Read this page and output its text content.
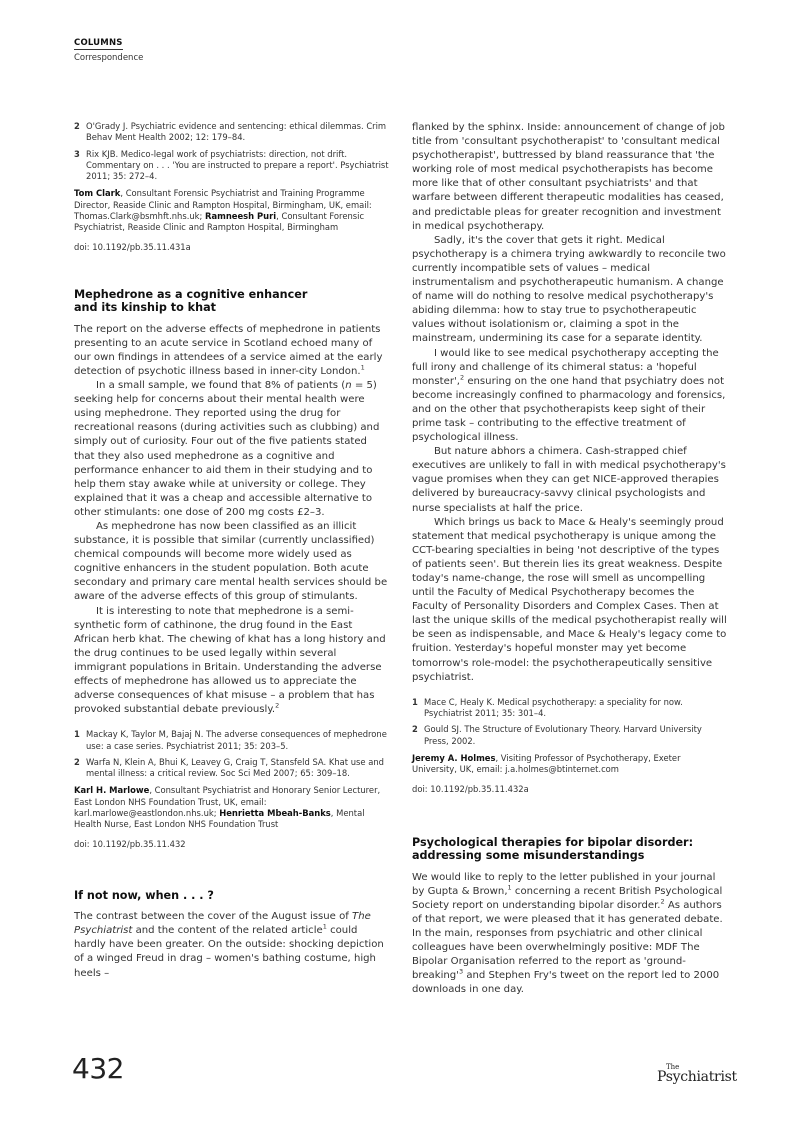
COLUMNS
Correspondence
2 O'Grady J. Psychiatric evidence and sentencing: ethical dilemmas. Crim Behav Ment Health 2002; 12: 179–84.
3 Rix KJB. Medico-legal work of psychiatrists: direction, not drift. Commentary on . . . 'You are instructed to prepare a report'. Psychiatrist 2011; 35: 272–4.

Tom Clark, Consultant Forensic Psychiatrist and Training Programme Director, Reaside Clinic and Rampton Hospital, Birmingham, UK, email: Thomas.Clark@bsmhft.nhs.uk; Ramneesh Puri, Consultant Forensic Psychiatrist, Reaside Clinic and Rampton Hospital, Birmingham

doi: 10.1192/pb.35.11.431a
Mephedrone as a cognitive enhancer
and its kinship to khat

The report on the adverse effects of mephedrone in patients presenting to an acute service in Scotland echoed many of our own findings in attendees of a service aimed at the early detection of psychotic illness based in inner-city London.$^1$

In a small sample, we found that 8% of patients (n = 5) seeking help for concerns about their mental health were using mephedrone. They reported using the drug for recreational reasons (during activities such as clubbing) and simply out of curiosity. Four out of the five patients stated that they also used mephedrone as a cognitive and performance enhancer to aid them in their studying and to help them stay awake while at university or college. They explained that it was a cheap and accessible alternative to other stimulants: one dose of 200 mg costs £2–3.

As mephedrone has now been classified as an illicit substance, it is possible that similar (currently unclassified) chemical compounds will become more widely used as cognitive enhancers in the student population. Both acute secondary and primary care mental health services should be aware of the adverse effects of this group of stimulants.

It is interesting to note that mephedrone is a semi-synthetic form of cathinone, the drug found in the East African herb khat. The chewing of khat has a long history and the drug continues to be used legally within several immigrant populations in Britain. Understanding the adverse effects of mephedrone has allowed us to appreciate the adverse consequences of khat misuse – a problem that has provoked substantial debate previously.$^2$

1 Mackay K, Taylor M, Bajaj N. The adverse consequences of mephedrone use: a case series. Psychiatrist 2011; 35: 203–5.
2 Warfa N, Klein A, Bhui K, Leavey G, Craig T, Stansfeld SA. Khat use and mental illness: a critical review. Soc Sci Med 2007; 65: 309–18.

Karl H. Marlowe, Consultant Psychiatrist and Honorary Senior Lecturer, East London NHS Foundation Trust, UK, email: karl.marlowe@eastlondon.nhs.uk; Henrietta Mbeah-Banks, Mental Health Nurse, East London NHS Foundation Trust

doi: 10.1192/pb.35.11.432
If not now, when . . . ?

The contrast between the cover of the August issue of The Psychiatrist and the content of the related article$^1$ could hardly have been greater. On the outside: shocking depiction of a winged Freud in drag – women's bathing costume, high heels –

flanked by the sphinx. Inside: announcement of change of job title from 'consultant psychotherapist' to 'consultant medical psychotherapist', buttressed by bland reassurance that 'the working role of most medical psychotherapists has become more like that of other consultant psychiatrists' and that warfare between different therapeutic modalities has ceased, and predictable pleas for greater recognition and investment in medical psychotherapy.

Sadly, it's the cover that gets it right. Medical psychotherapy is a chimera trying awkwardly to reconcile two currently incompatible sets of values – medical instrumentalism and psychotherapeutic humanism. A change of name will do nothing to resolve medical psychotherapy's abiding dilemma: how to stay true to psychotherapeutic values without isolationism or, claiming a spot in the mainstream, undermining its case for a separate identity.

I would like to see medical psychotherapy accepting the full irony and challenge of its chimeral status: a 'hopeful monster',$^2$ ensuring on the one hand that psychiatry does not become increasingly confined to pharmacology and forensics, and on the other that psychotherapists keep sight of their prime task – contributing to the effective treatment of psychological illness.

But nature abhors a chimera. Cash-strapped chief executives are unlikely to fall in with medical psychotherapy's vague promises when they can get NICE-approved therapies delivered by bureaucracy-savvy clinical psychologists and nurse specialists at half the price.

Which brings us back to Mace & Healy's seemingly proud statement that medical psychotherapy is unique among the CCT-bearing specialties in being 'not descriptive of the types of patients seen'. But therein lies its great weakness. Despite today's name-change, the rose will smell as uncompelling until the Faculty of Medical Psychotherapy becomes the Faculty of Personality Disorders and Complex Cases. Then at last the unique skills of the medical psychotherapist really will be seen as indispensable, and Mace & Healy's legacy come to fruition. Yesterday's hopeful monster may yet become tomorrow's role-model: the psychotherapeutically sensitive psychiatrist.

1 Mace C, Healy K. Medical psychotherapy: a speciality for now. Psychiatrist 2011; 35: 301–4.
2 Gould SJ. The Structure of Evolutionary Theory. Harvard University Press, 2002.

Jeremy A. Holmes, Visiting Professor of Psychotherapy, Exeter University, UK, email: j.a.holmes@btinternet.com

doi: 10.1192/pb.35.11.432a
Psychological therapies for bipolar disorder:
addressing some misunderstandings

We would like to reply to the letter published in your journal by Gupta & Brown,$^1$ concerning a recent British Psychological Society report on understanding bipolar disorder.$^2$ As authors of that report, we were pleased that it has generated debate. In the main, responses from psychiatric and other clinical colleagues have been overwhelmingly positive: MDF The Bipolar Organisation referred to the report as '$ground-breaking'^3$ and Stephen Fry's tweet on the report led to 2000 downloads in one day.

432	The
Psychiatrist
